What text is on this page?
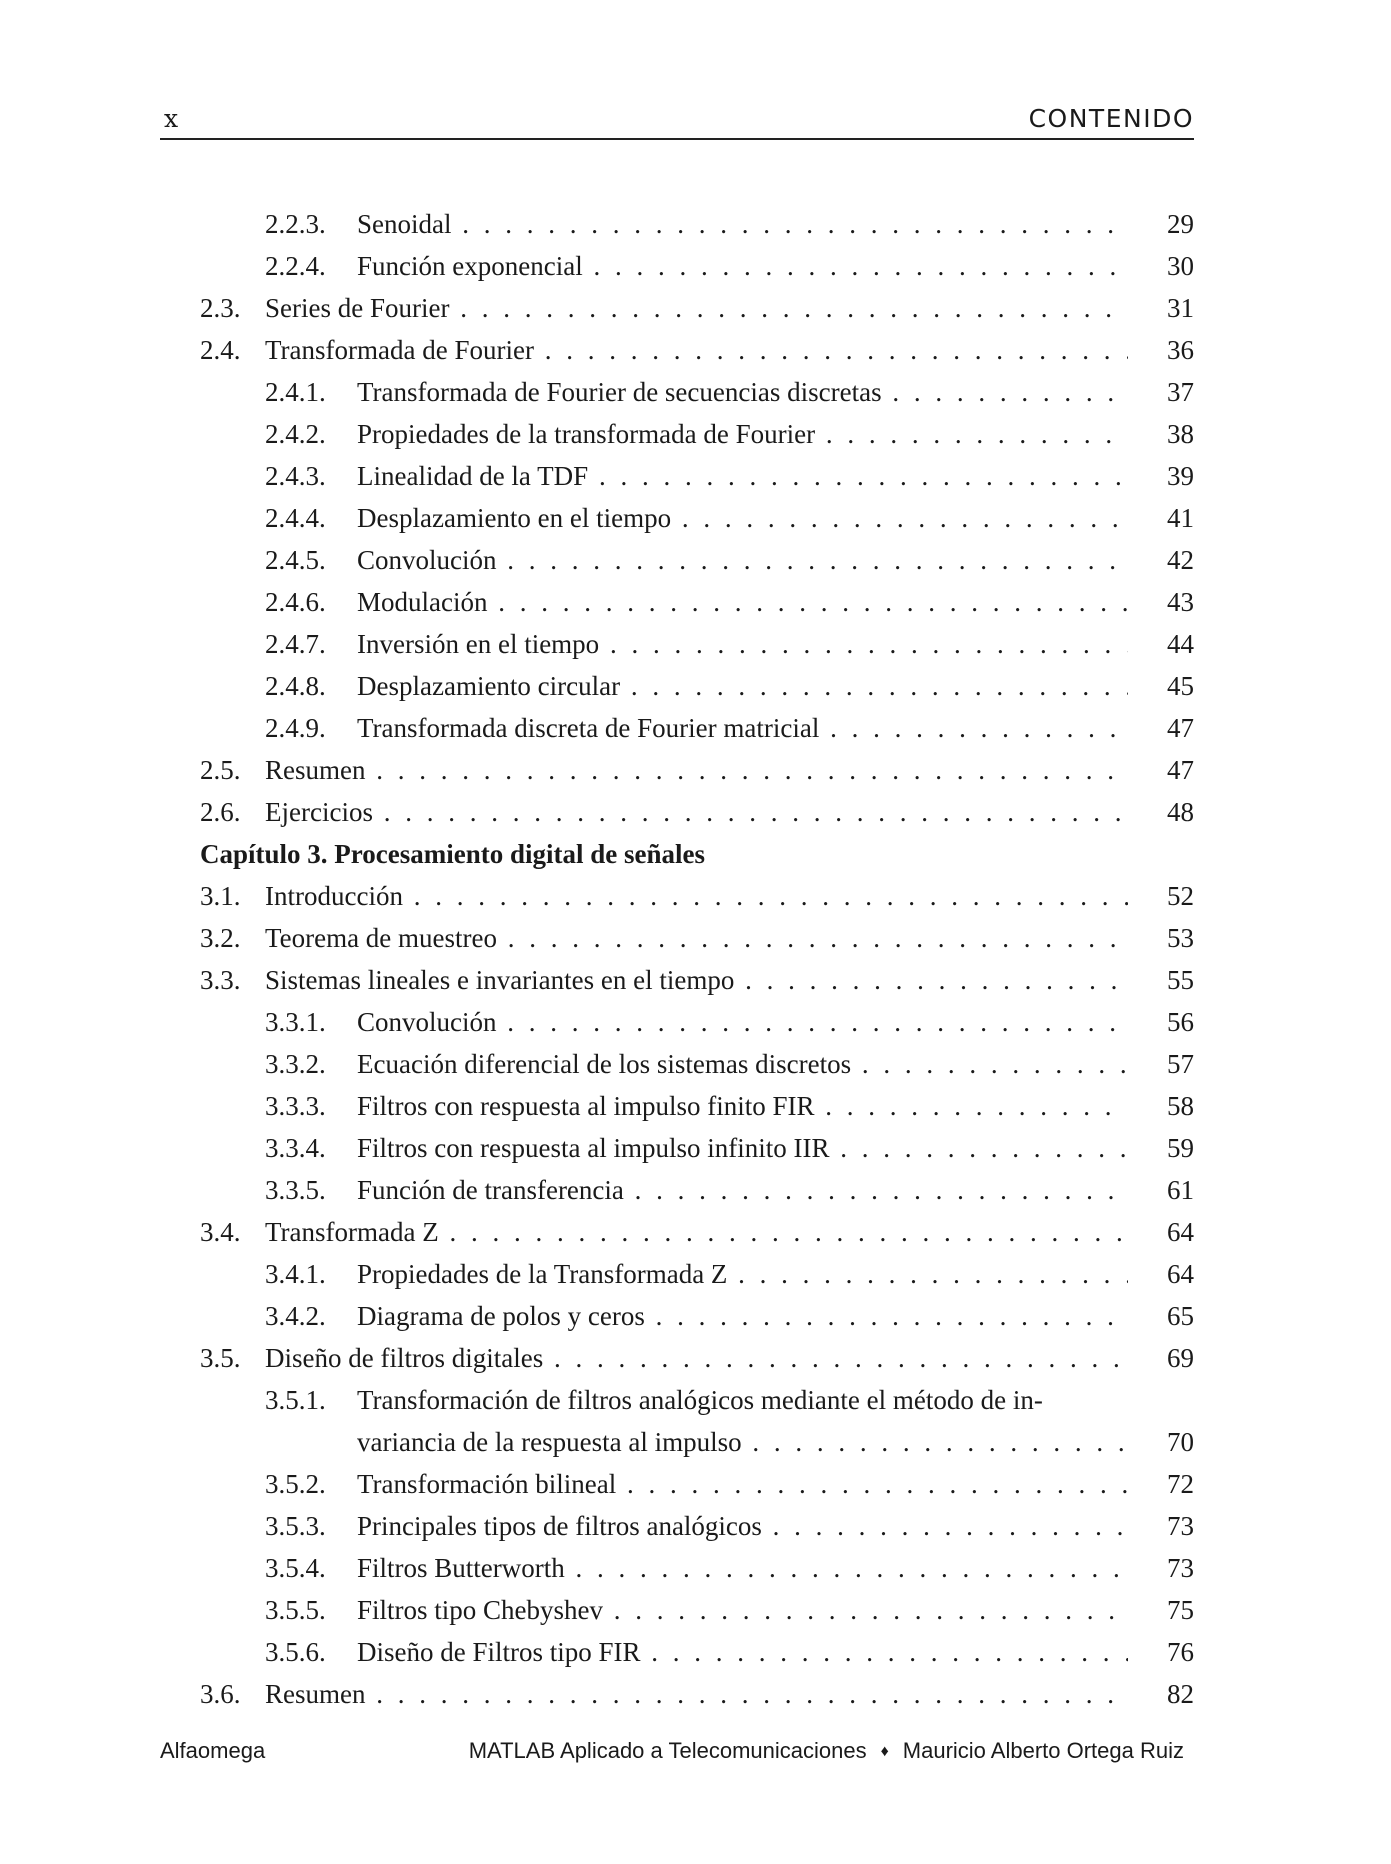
x	CONTENIDO
2.2.3. Senoidal . . .	29
2.2.4. Función exponencial . . .	30
2.3. Series de Fourier . . .	31
2.4. Transformada de Fourier . . .	36
2.4.1. Transformada de Fourier de secuencias discretas . . .	37
2.4.2. Propiedades de la transformada de Fourier . . .	38
2.4.3. Linealidad de la TDF . . .	39
2.4.4. Desplazamiento en el tiempo . . .	41
2.4.5. Convolución . . .	42
2.4.6. Modulación . . .	43
2.4.7. Inversión en el tiempo . . .	44
2.4.8. Desplazamiento circular . . .	45
2.4.9. Transformada discreta de Fourier matricial . . .	47
2.5. Resumen . . .	47
2.6. Ejercicios . . .	48
Capítulo 3. Procesamiento digital de señales
3.1. Introducción . . .	52
3.2. Teorema de muestreo . . .	53
3.3. Sistemas lineales e invariantes en el tiempo . . .	55
3.3.1. Convolución . . .	56
3.3.2. Ecuación diferencial de los sistemas discretos . . .	57
3.3.3. Filtros con respuesta al impulso finito FIR . . .	58
3.3.4. Filtros con respuesta al impulso infinito IIR . . .	59
3.3.5. Función de transferencia . . .	61
3.4. Transformada Z . . .	64
3.4.1. Propiedades de la Transformada Z . . .	64
3.4.2. Diagrama de polos y ceros . . .	65
3.5. Diseño de filtros digitales . . .	69
3.5.1. Transformación de filtros analógicos mediante el método de in-
variancia de la respuesta al impulso . . .	70
3.5.2. Transformación bilineal . . .	72
3.5.3. Principales tipos de filtros analógicos . . .	73
3.5.4. Filtros Butterworth . . .	73
3.5.5. Filtros tipo Chebyshev . . .	75
3.5.6. Diseño de Filtros tipo FIR . . .	76
3.6. Resumen . . .	82
Alfaomega	MATLAB Aplicado a Telecomunicaciones ♦ Mauricio Alberto Ortega Ruiz
